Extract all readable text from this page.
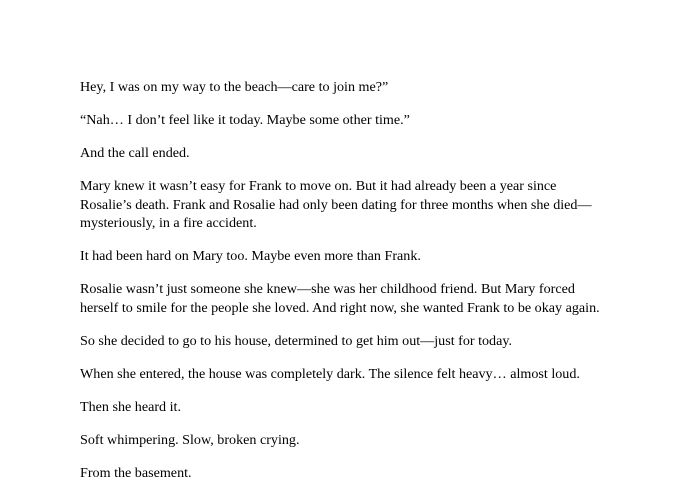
Hey, I was on my way to the beach—care to join me?”

“Nah… I don’t feel like it today. Maybe some other time.”

And the call ended.

Mary knew it wasn’t easy for Frank to move on. But it had already been a year since Rosalie’s death. Frank and Rosalie had only been dating for three months when she died—mysteriously, in a fire accident.

It had been hard on Mary too. Maybe even more than Frank.

Rosalie wasn’t just someone she knew—she was her childhood friend. But Mary forced herself to smile for the people she loved. And right now, she wanted Frank to be okay again.

So she decided to go to his house, determined to get him out—just for today.

When she entered, the house was completely dark. The silence felt heavy… almost loud.

Then she heard it.

Soft whimpering. Slow, broken crying.

From the basement.
